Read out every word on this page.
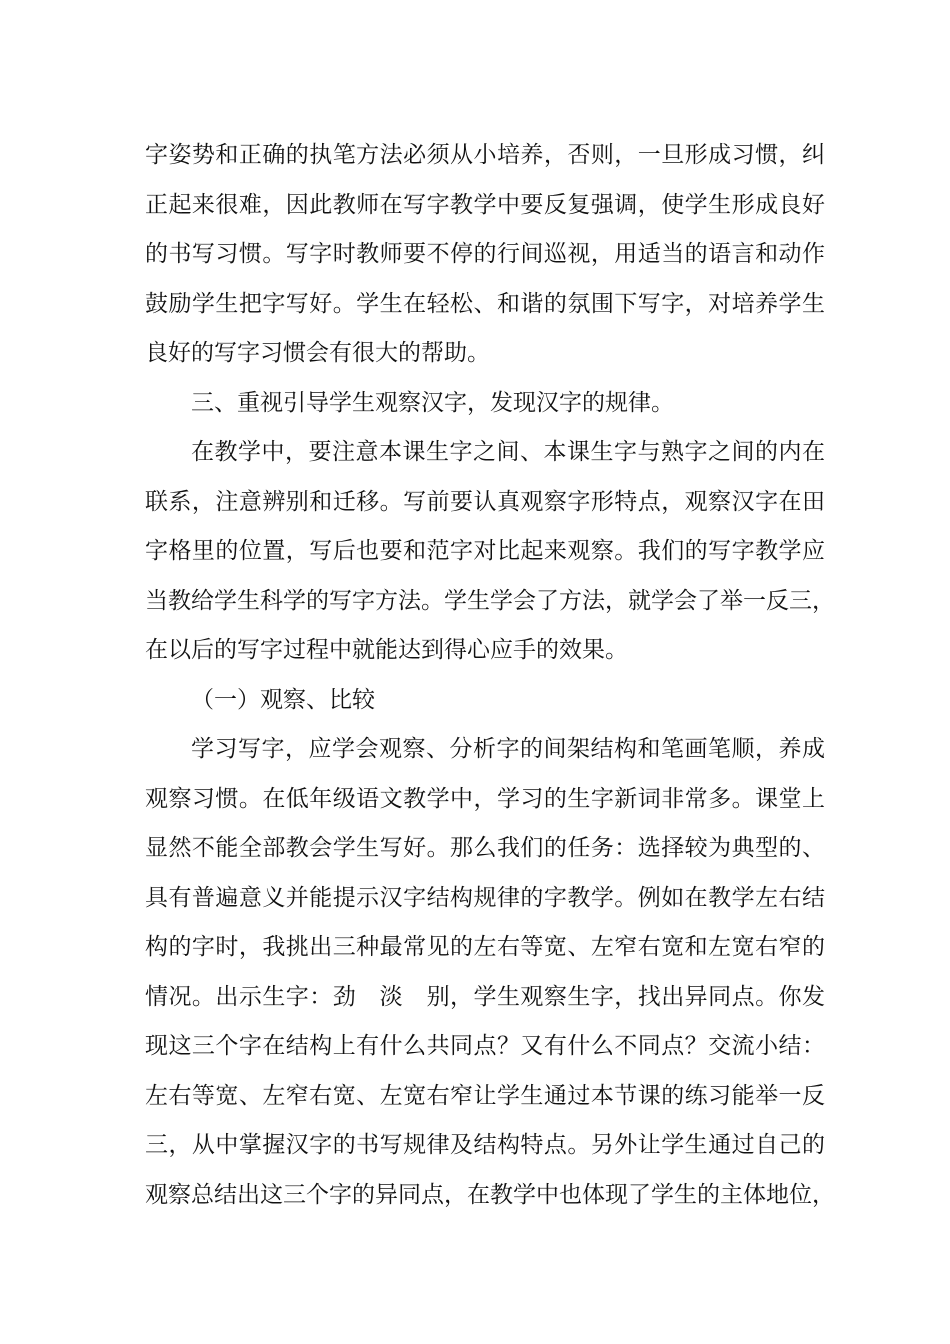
字姿势和正确的执笔方法必须从小培养，否则，一旦形成习惯，纠
正起来很难，因此教师在写字教学中要反复强调，使学生形成良好
的书写习惯。写字时教师要不停的行间巡视，用适当的语言和动作
鼓励学生把字写好。学生在轻松、和谐的氛围下写字，对培养学生
良好的写字习惯会有很大的帮助。
三、重视引导学生观察汉字，发现汉字的规律。
在教学中，要注意本课生字之间、本课生字与熟字之间的内在
联系，注意辨别和迁移。写前要认真观察字形特点，观察汉字在田
字格里的位置，写后也要和范字对比起来观察。我们的写字教学应
当教给学生科学的写字方法。学生学会了方法，就学会了举一反三，
在以后的写字过程中就能达到得心应手的效果。
（一）观察、比较
学习写字，应学会观察、分析字的间架结构和笔画笔顺，养成
观察习惯。在低年级语文教学中，学习的生字新词非常多。课堂上
显然不能全部教会学生写好。那么我们的任务：选择较为典型的、
具有普遍意义并能提示汉字结构规律的字教学。例如在教学左右结
构的字时，我挑出三种最常见的左右等宽、左窄右宽和左宽右窄的
情况。出示生字：劲　淡　别，学生观察生字，找出异同点。你发
现这三个字在结构上有什么共同点？又有什么不同点？交流小结：
左右等宽、左窄右宽、左宽右窄让学生通过本节课的练习能举一反
三，从中掌握汉字的书写规律及结构特点。另外让学生通过自己的
观察总结出这三个字的异同点，在教学中也体现了学生的主体地位，
